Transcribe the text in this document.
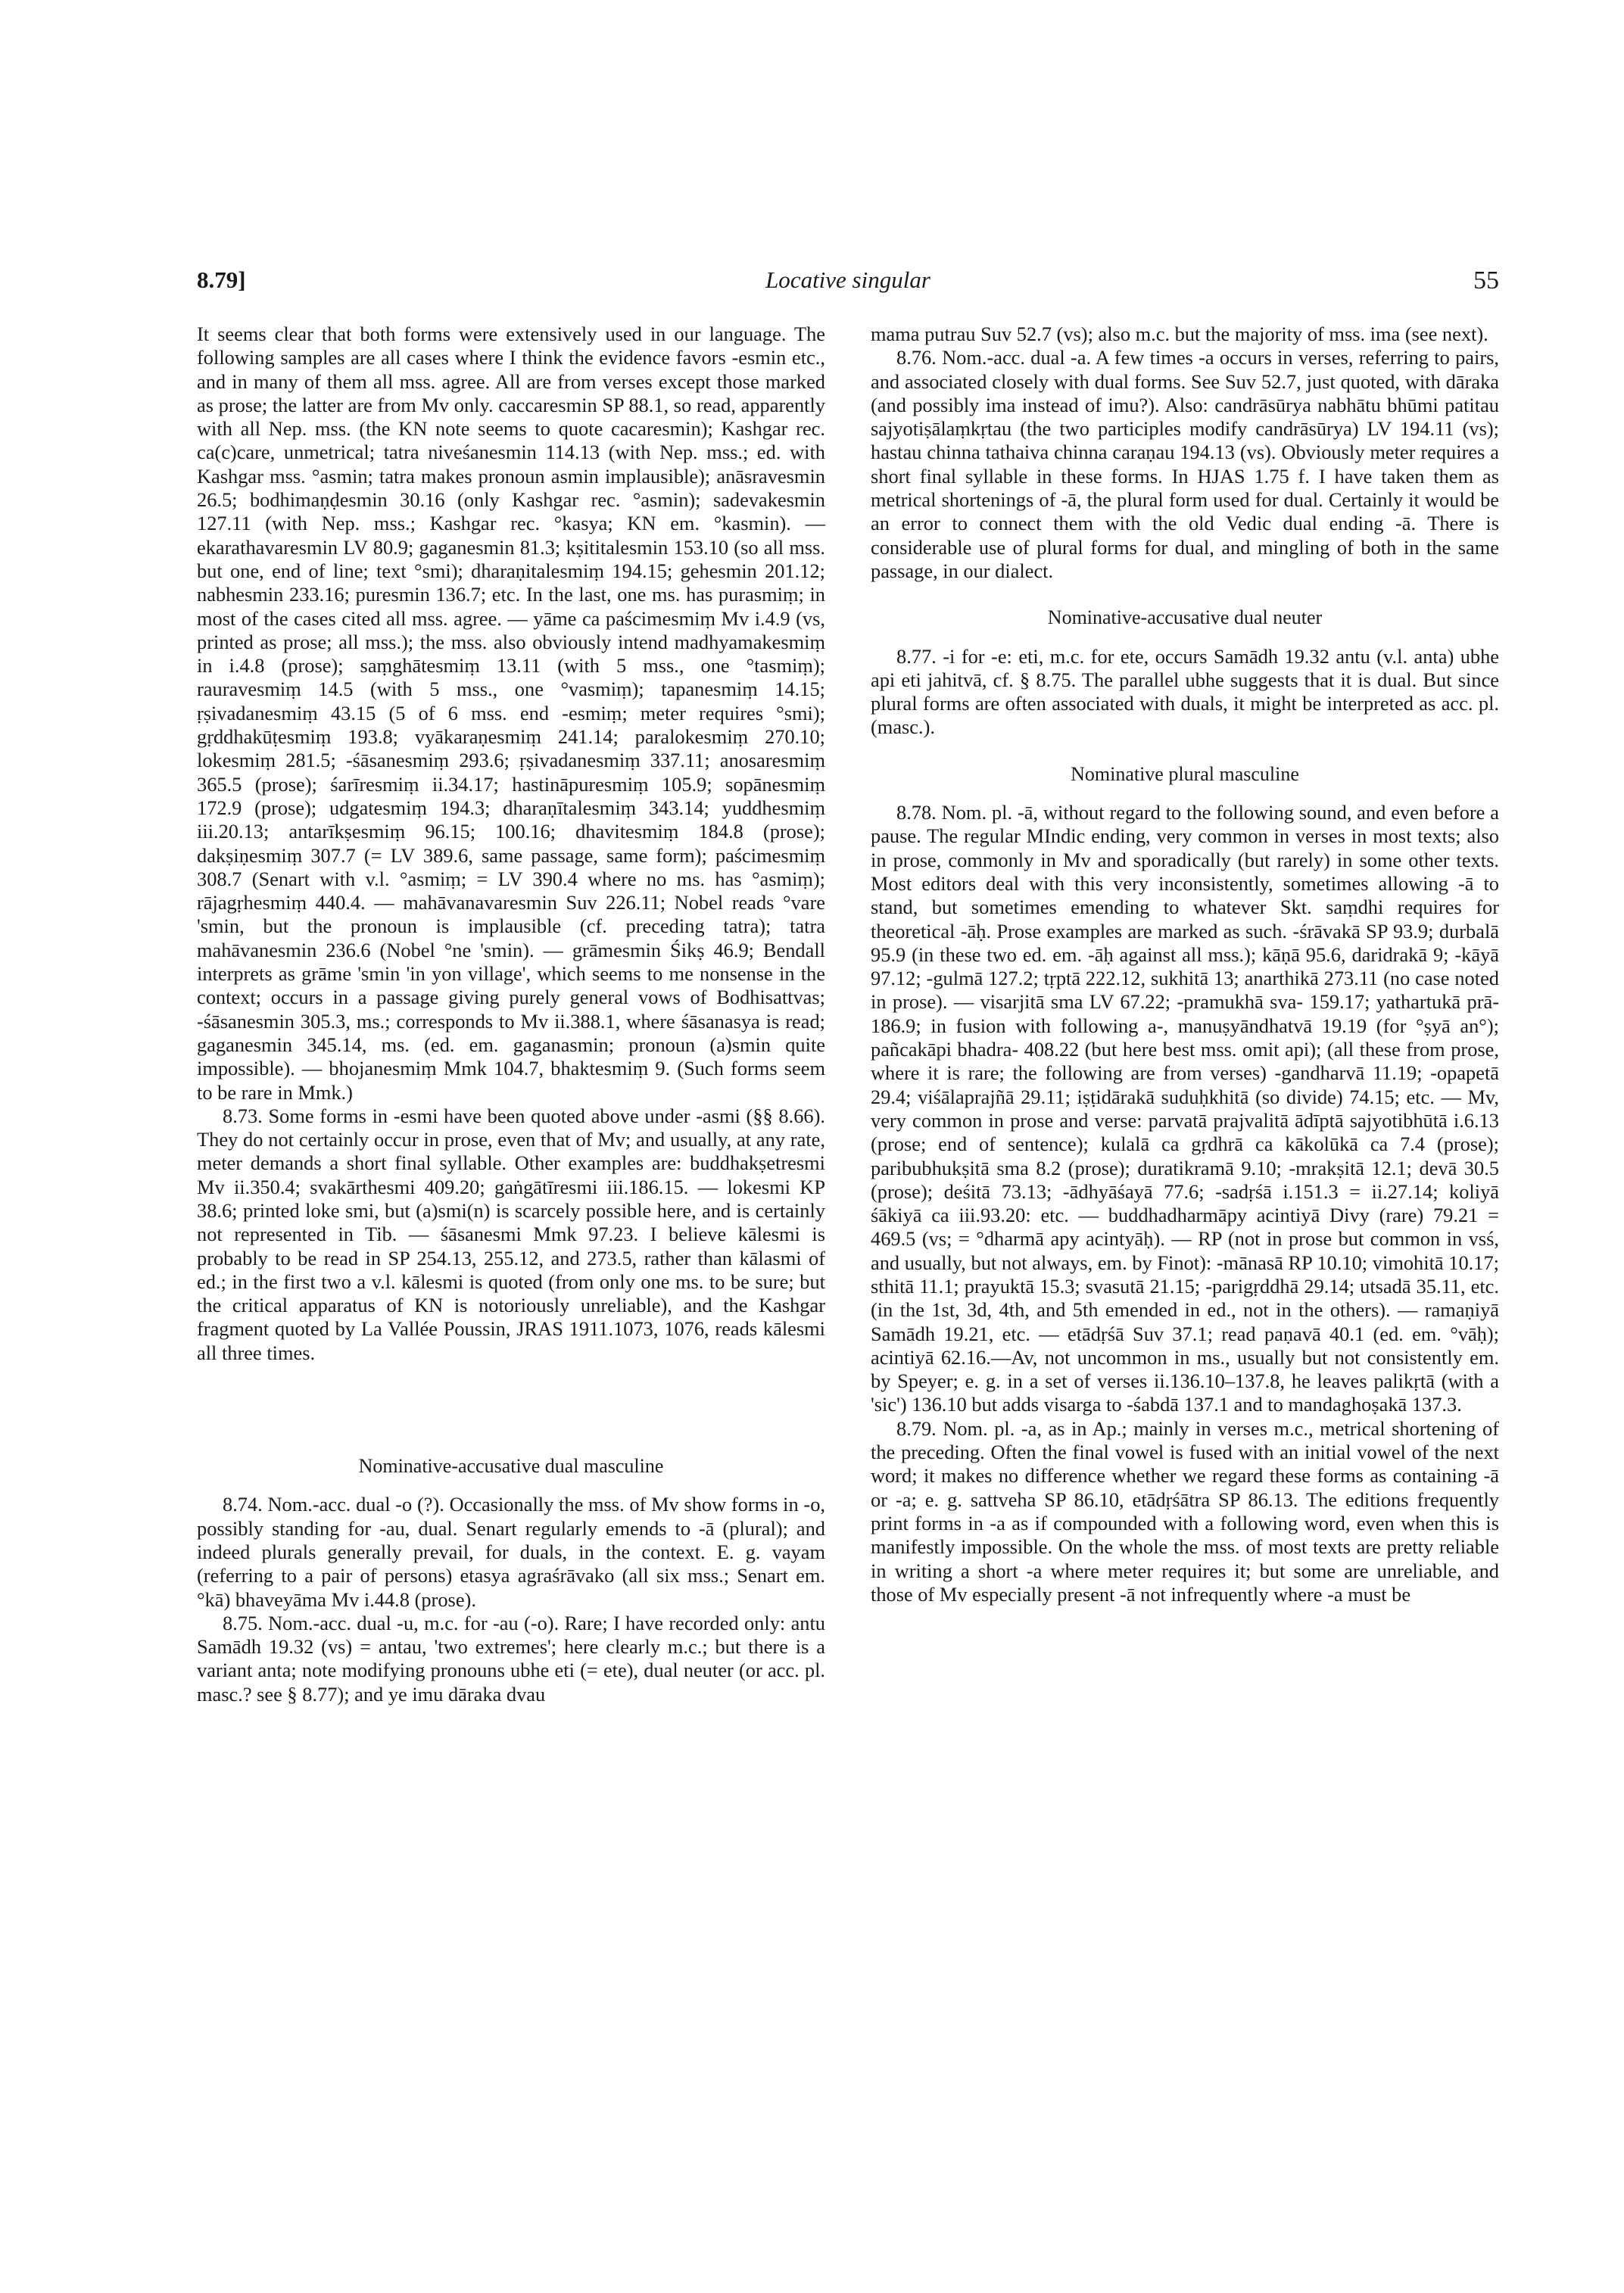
8.79]	Locative singular	55

It seems clear that both forms were extensively used in our language. The following samples are all cases where I think the evidence favors -esmin etc., and in many of them all mss. agree. All are from verses except those marked as prose; the latter are from Mv only. caccaresmin SP 88.1, so read, apparently with all Nep. mss. (the KN note seems to quote cacaresmin); Kashgar rec. ca(c)care, unmetrical; tatra niveśanesmin 114.13 (with Nep. mss.; ed. with Kashgar mss. °asmin; tatra makes pronoun asmin implausible); anāsravesmin 26.5; bodhimaṇḍesmin 30.16 (only Kashgar rec. °asmin); sadevakesmin 127.11 (with Nep. mss.; Kashgar rec. °kasya; KN em. °kasmin). — ekarathavaresmin LV 80.9; gaganesmin 81.3; kṣititalesmin 153.10 (so all mss. but one, end of line; text °smi); dharaṇitalesmiṃ 194.15; gehesmin 201.12; nabhesmin 233.16; puresmin 136.7; etc. In the last, one ms. has purasmiṃ; in most of the cases cited all mss. agree. — yāme ca paścimesmiṃ Mv i.4.9 (vs, printed as prose; all mss.); the mss. also obviously intend madhyamakesmiṃ in i.4.8 (prose); saṃghātesmiṃ 13.11 (with 5 mss., one °tasmiṃ); rauravesmiṃ 14.5 (with 5 mss., one °vasmiṃ); tapanesmiṃ 14.15; ṛṣivadanesmiṃ 43.15 (5 of 6 mss. end -esmiṃ; meter requires °smi); gṛddhakūṭesmiṃ 193.8; vyākaraṇesmiṃ 241.14; paralokesmiṃ 270.10; lokesmiṃ 281.5; -śāsanesmiṃ 293.6; ṛṣivadanesmiṃ 337.11; anosaresmiṃ 365.5 (prose); śarīresmiṃ ii.34.17; hastināpuresmiṃ 105.9; sopānesmiṃ 172.9 (prose); udgatesmiṃ 194.3; dharaṇītalesmiṃ 343.14; yuddhesmiṃ iii.20.13; antarīkṣesmiṃ 96.15; 100.16; dhavitesmiṃ 184.8 (prose); dakṣiṇesmiṃ 307.7 (= LV 389.6, same passage, same form); paścimesmiṃ 308.7 (Senart with v.l. °asmiṃ; = LV 390.4 where no ms. has °asmiṃ); rājagṛhesmiṃ 440.4. — mahāvanavaresmin Suv 226.11; Nobel reads °vare 'smin, but the pronoun is implausible (cf. preceding tatra); tatra mahāvanesmin 236.6 (Nobel °ne 'smin). — grāmesmin Śikṣ 46.9; Bendall interprets as grāme 'smin 'in yon village', which seems to me nonsense in the context; occurs in a passage giving purely general vows of Bodhisattvas; -śāsanesmin 305.3, ms.; corresponds to Mv ii.388.1, where śāsanasya is read; gaganesmin 345.14, ms. (ed. em. gaganasmin; pronoun (a)smin quite impossible). — bhojanesmiṃ Mmk 104.7, bhaktesmiṃ 9. (Such forms seem to be rare in Mmk.)

8.73. Some forms in -esmi have been quoted above under -asmi (§§ 8.66). They do not certainly occur in prose, even that of Mv; and usually, at any rate, meter demands a short final syllable. Other examples are: buddhakṣetresmi Mv ii.350.4; svakārthesmi 409.20; gaṅgātīresmi iii.186.15. — lokesmi KP 38.6; printed loke smi, but (a)smi(n) is scarcely possible here, and is certainly not represented in Tib. — śāsanesmi Mmk 97.23. I believe kālesmi is probably to be read in SP 254.13, 255.12, and 273.5, rather than kālasmi of ed.; in the first two a v.l. kālesmi is quoted (from only one ms. to be sure; but the critical apparatus of KN is notoriously unreliable), and the Kashgar fragment quoted by La Vallée Poussin, JRAS 1911.1073, 1076, reads kālesmi all three times.

Nominative-accusative dual masculine

8.74. Nom.-acc. dual -o (?). Occasionally the mss. of Mv show forms in -o, possibly standing for -au, dual. Senart regularly emends to -ā (plural); and indeed plurals generally prevail, for duals, in the context. E. g. vayam (referring to a pair of persons) etasya agraśrāvako (all six mss.; Senart em. °kā) bhaveyāma Mv i.44.8 (prose).

8.75. Nom.-acc. dual -u, m.c. for -au (-o). Rare; I have recorded only: antu Samādh 19.32 (vs) = antau, 'two extremes'; here clearly m.c.; but there is a variant anta; note modifying pronouns ubhe eti (= ete), dual neuter (or acc. pl. masc.? see § 8.77); and ye imu dāraka dvau

mama putrau Suv 52.7 (vs); also m.c. but the majority of mss. ima (see next).

8.76. Nom.-acc. dual -a. A few times -a occurs in verses, referring to pairs, and associated closely with dual forms. See Suv 52.7, just quoted, with dāraka (and possibly ima instead of imu?). Also: candrāsūrya nabhātu bhūmi patitau sajyotiṣālaṃkṛtau (the two participles modify candrāsūrya) LV 194.11 (vs); hastau chinna tathaiva chinna caraṇau 194.13 (vs). Obviously meter requires a short final syllable in these forms. In HJAS 1.75 f. I have taken them as metrical shortenings of -ā, the plural form used for dual. Certainly it would be an error to connect them with the old Vedic dual ending -ā. There is considerable use of plural forms for dual, and mingling of both in the same passage, in our dialect.

Nominative-accusative dual neuter

8.77. -i for -e: eti, m.c. for ete, occurs Samādh 19.32 antu (v.l. anta) ubhe api eti jahitvā, cf. § 8.75. The parallel ubhe suggests that it is dual. But since plural forms are often associated with duals, it might be interpreted as acc. pl. (masc.).

Nominative plural masculine

8.78. Nom. pl. -ā, without regard to the following sound, and even before a pause. The regular MIndic ending, very common in verses in most texts; also in prose, commonly in Mv and sporadically (but rarely) in some other texts. Most editors deal with this very inconsistently, sometimes allowing -ā to stand, but sometimes emending to whatever Skt. saṃdhi requires for theoretical -āḥ. Prose examples are marked as such. -śrāvakā SP 93.9; durbalā 95.9 (in these two ed. em. -āḥ against all mss.); kāṇā 95.6, daridrakā 9; -kāyā 97.12; -gulmā 127.2; tṛptā 222.12, sukhitā 13; anarthikā 273.11 (no case noted in prose). — visarjitā sma LV 67.22; -pramukhā sva- 159.17; yathartukā prā- 186.9; in fusion with following a-, manuṣyāndhatvā 19.19 (for °ṣyā an°); pañcakāpi bhadra- 408.22 (but here best mss. omit api); (all these from prose, where it is rare; the following are from verses) -gandharvā 11.19; -opapetā 29.4; viśālaprajñā 29.11; iṣṭidārakā suduḥkhitā (so divide) 74.15; etc. — Mv, very common in prose and verse: parvatā prajvalitā ādīptā sajyotibhūtā i.6.13 (prose; end of sentence); kulalā ca gṛdhrā ca kākolūkā ca 7.4 (prose); paribubhukṣitā sma 8.2 (prose); duratikramā 9.10; -mrakṣitā 12.1; devā 30.5 (prose); deśitā 73.13; -ādhyāśayā 77.6; -sadṛśā i.151.3 = ii.27.14; koliyā śākiyā ca iii.93.20: etc. — buddhadharmāpy acintiyā Divy (rare) 79.21 = 469.5 (vs; = °dharmā apy acintyāḥ). — RP (not in prose but common in vsś, and usually, but not always, em. by Finot): -mānasā RP 10.10; vimohitā 10.17; sthitā 11.1; prayuktā 15.3; svasutā 21.15; -parigṛddhā 29.14; utsadā 35.11, etc. (in the 1st, 3d, 4th, and 5th emended in ed., not in the others). — ramaṇiyā Samādh 19.21, etc. — etādṛśā Suv 37.1; read paṇavā 40.1 (ed. em. °vāḥ); acintiyā 62.16.—Av, not uncommon in ms., usually but not consistently em. by Speyer; e. g. in a set of verses ii.136.10–137.8, he leaves palikṛtā (with a 'sic') 136.10 but adds visarga to -śabdā 137.1 and to mandaghoṣakā 137.3.

8.79. Nom. pl. -a, as in Ap.; mainly in verses m.c., metrical shortening of the preceding. Often the final vowel is fused with an initial vowel of the next word; it makes no difference whether we regard these forms as containing -ā or -a; e. g. sattveha SP 86.10, etādṛśātra SP 86.13. The editions frequently print forms in -a as if compounded with a following word, even when this is manifestly impossible. On the whole the mss. of most texts are pretty reliable in writing a short -a where meter requires it; but some are unreliable, and those of Mv especially present -ā not infrequently where -a must be
